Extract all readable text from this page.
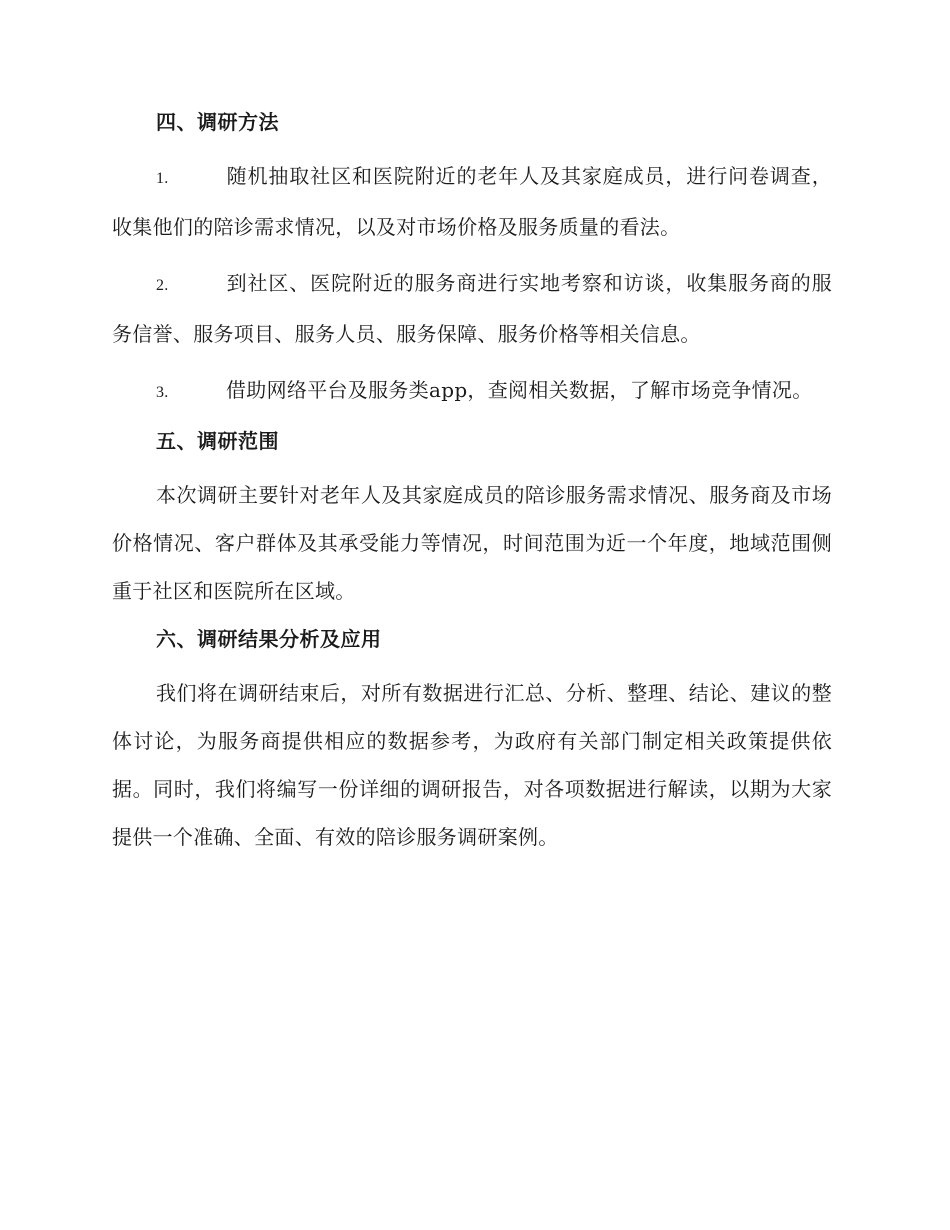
四、调研方法

1.	随机抽取社区和医院附近的老年人及其家庭成员，进行问卷调查，收集他们的陪诊需求情况，以及对市场价格及服务质量的看法。

2.	到社区、医院附近的服务商进行实地考察和访谈，收集服务商的服务信誉、服务项目、服务人员、服务保障、服务价格等相关信息。

3.	借助网络平台及服务类app，查阅相关数据，了解市场竞争情况。

五、调研范围

本次调研主要针对老年人及其家庭成员的陪诊服务需求情况、服务商及市场价格情况、客户群体及其承受能力等情况，时间范围为近一个年度，地域范围侧重于社区和医院所在区域。

六、调研结果分析及应用

我们将在调研结束后，对所有数据进行汇总、分析、整理、结论、建议的整体讨论，为服务商提供相应的数据参考，为政府有关部门制定相关政策提供依据。同时，我们将编写一份详细的调研报告，对各项数据进行解读，以期为大家提供一个准确、全面、有效的陪诊服务调研案例。
